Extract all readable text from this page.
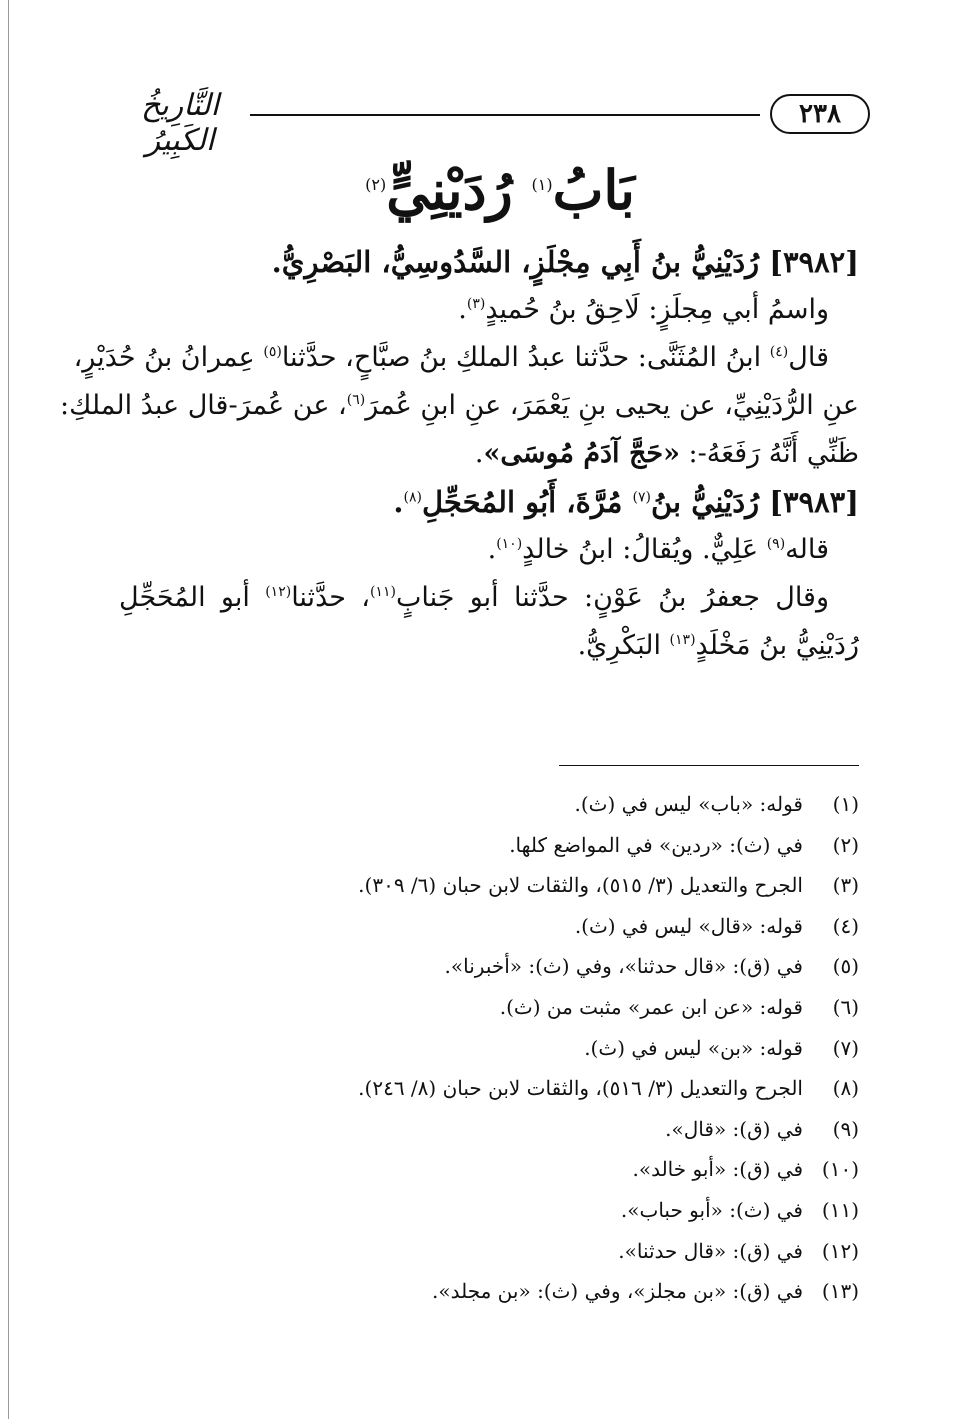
٢٣٨
التَّارِيخُ الكَبِيرُ
بَابُ$^{(١)}$ رُدَيْنِيٍّ$^{(٢)}$
[٣٩٨٢] رُدَيْنِيُّ بنُ أَبِي مِجْلَزٍ، السَّدُوسِيُّ، البَصْرِيُّ.
واسمُ أبي مِجلَزٍ: لَاحِقُ بنُ حُميدٍ$^{(٣)}$.
قال$^{(٤)}$ ابنُ المُثَنَّى: حدَّثنا عبدُ الملكِ بنُ صبَّاحٍ، حدَّثنا$^{(٥)}$ عِمرانُ بنُ حُدَيْرٍ،
عنِ الرُّدَيْنِيِّ، عن يحيى بنِ يَعْمَرَ، عنِ ابنِ عُمرَ$^{(٦)}$، عن عُمرَ-قال عبدُ الملكِ:
ظَنِّي أَنَّهُ رَفَعَهُ-: «حَجَّ آدَمُ مُوسَى».
[٣٩٨٣] رُدَيْنِيُّ بنُ$^{(٧)}$ مُرَّةَ، أَبُو المُحَجِّلِ$^{(٨)}$.
قاله$^{(٩)}$ عَلِيٌّ. ويُقالُ: ابنُ خالدٍ$^{(١٠)}$.
وقال جعفرُ بنُ عَوْنٍ: حدَّثنا أبو جَنابٍ$^{(١١)}$، حدَّثنا$^{(١٢)}$ أبو المُحَجِّلِ
رُدَيْنِيُّ بنُ مَخْلَدٍ$^{(١٣)}$ البَكْرِيُّ.
(١)قوله: «باب» ليس في (ث).
(٢)في (ث): «ردين» في المواضع كلها.
(٣)الجرح والتعديل (٣/ ٥١٥)، والثقات لابن حبان (٦/ ٣٠٩).
(٤)قوله: «قال» ليس في (ث).
(٥)في (ق): «قال حدثنا»، وفي (ث): «أخبرنا».
(٦)قوله: «عن ابن عمر» مثبت من (ث).
(٧)قوله: «بن» ليس في (ث).
(٨)الجرح والتعديل (٣/ ٥١٦)، والثقات لابن حبان (٨/ ٢٤٦).
(٩)في (ق): «قال».
(١٠)في (ق): «أبو خالد».
(١١)في (ث): «أبو حباب».
(١٢)في (ق): «قال حدثنا».
(١٣)في (ق): «بن مجلز»، وفي (ث): «بن مجلد».
